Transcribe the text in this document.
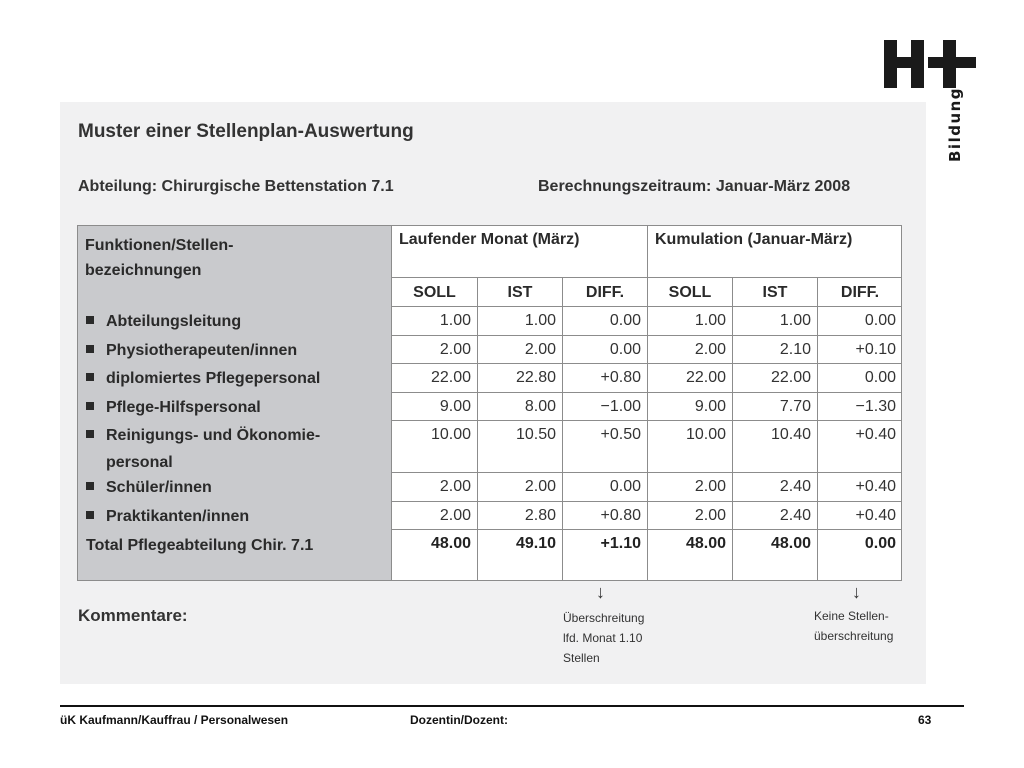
Bildung
Muster einer Stellenplan-Auswertung
Abteilung: Chirurgische Bettenstation 7.1	Berechnungszeitraum: Januar-März 2008
Funktionen/Stellen-
bezeichnungen
Laufender Monat (März)	Kumulation (Januar-März)
SOLL	IST	DIFF.	SOLL	IST	DIFF.
Abteilungsleitung	1.00	1.00	0.00	1.00	1.00	0.00
Physiotherapeuten/innen	2.00	2.00	0.00	2.00	2.10	+0.10
diplomiertes Pflegepersonal	22.00	22.80	+0.80	22.00	22.00	0.00
Pflege-Hilfspersonal	9.00	8.00	−1.00	9.00	7.70	−1.30
Reinigungs- und Ökonomie-
personal
10.00	10.50	+0.50	10.00	10.40	+0.40
Schüler/innen	2.00	2.00	0.00	2.00	2.40	+0.40
Praktikanten/innen	2.00	2.80	+0.80	2.00	2.40	+0.40
Total Pflegeabteilung Chir. 7.1	48.00	49.10	+1.10	48.00	48.00	0.00
Kommentare:
↓	↓
Überschreitung
lfd. Monat 1.10
Stellen
Keine Stellen-
überschreitung
üK Kaufmann/Kauffrau / Personalwesen	Dozentin/Dozent:	63
